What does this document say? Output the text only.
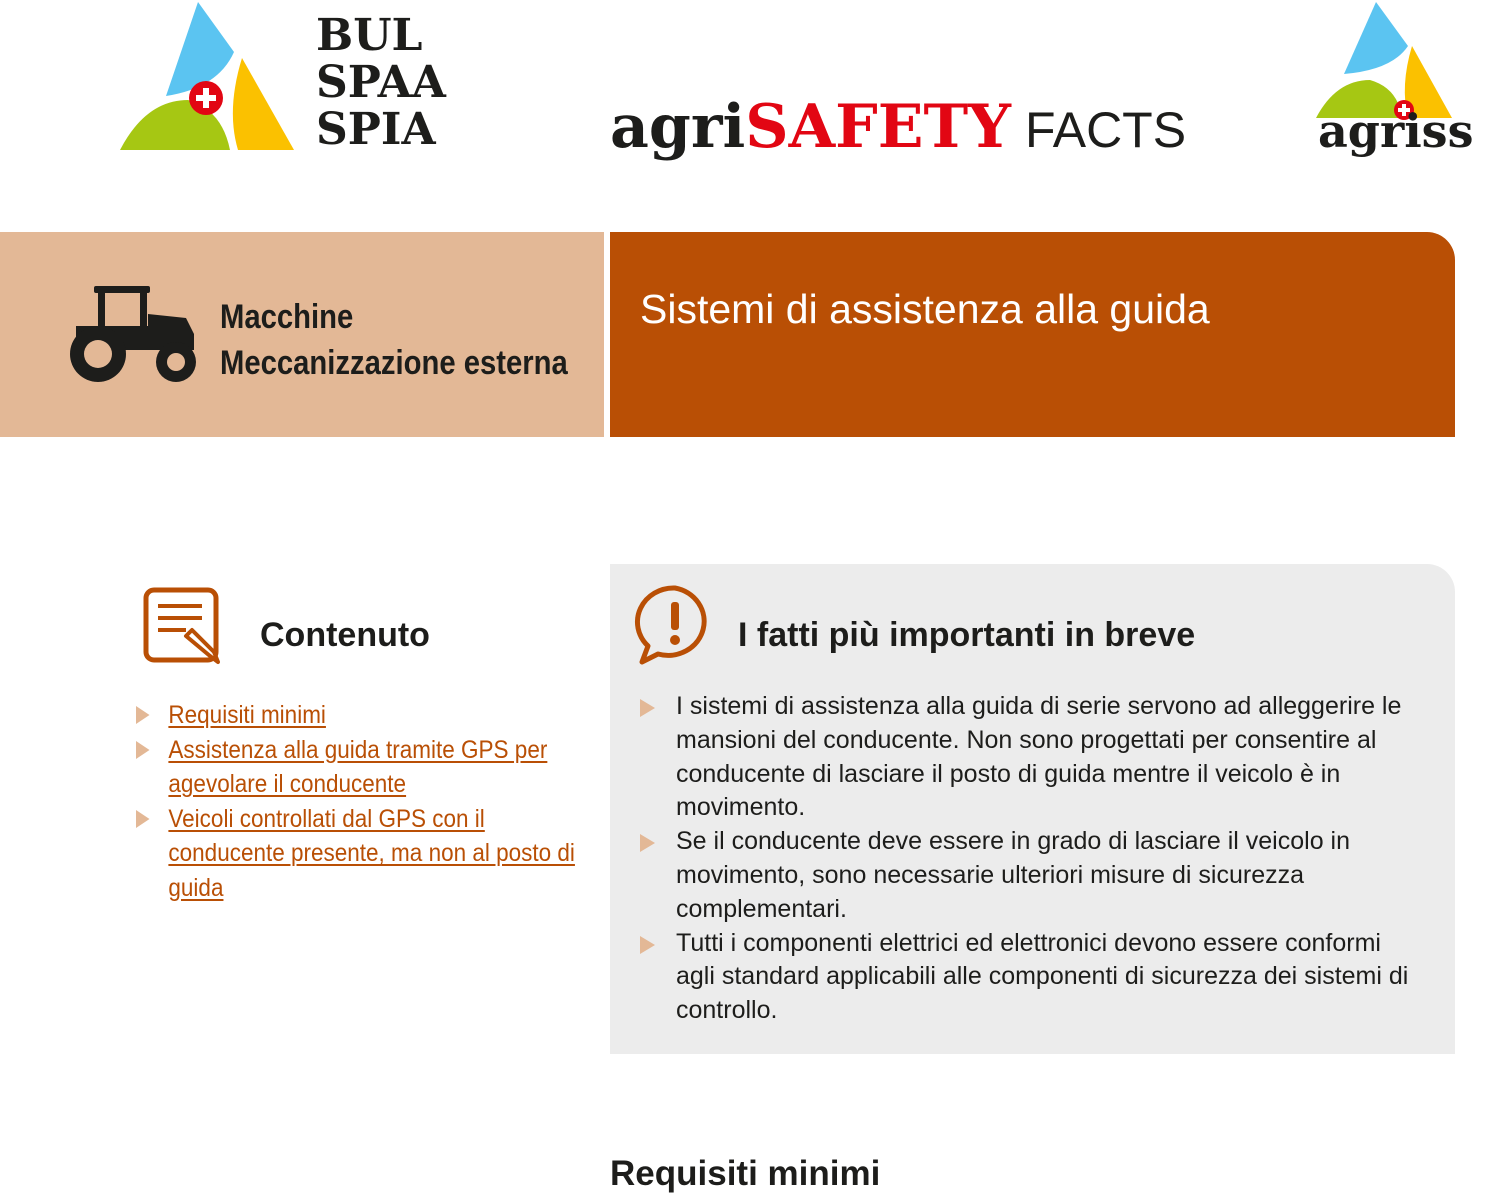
BUL
SPAA
SPIA	agriSAFETY FACTS	agriss
Macchine
Meccanizzazione esterna
Sistemi di assistenza alla guida
Contenuto
Requisiti minimi
Assistenza alla guida tramite GPS per agevolare il conducente
Veicoli controllati dal GPS con il conducente presente, ma non al posto di guida
I fatti più importanti in breve
I sistemi di assistenza alla guida di serie servono ad alleggerire le mansioni del conducente. Non sono progettati per consentire al conducente di lasciare il posto di guida mentre il veicolo è in movimento.
Se il conducente deve essere in grado di lasciare il veicolo in movimento, sono necessarie ulteriori misure di sicurezza complementari.
Tutti i componenti elettrici ed elettronici devono essere conformi agli standard applicabili alle componenti di sicurezza dei sistemi di controllo.
Requisiti minimi
